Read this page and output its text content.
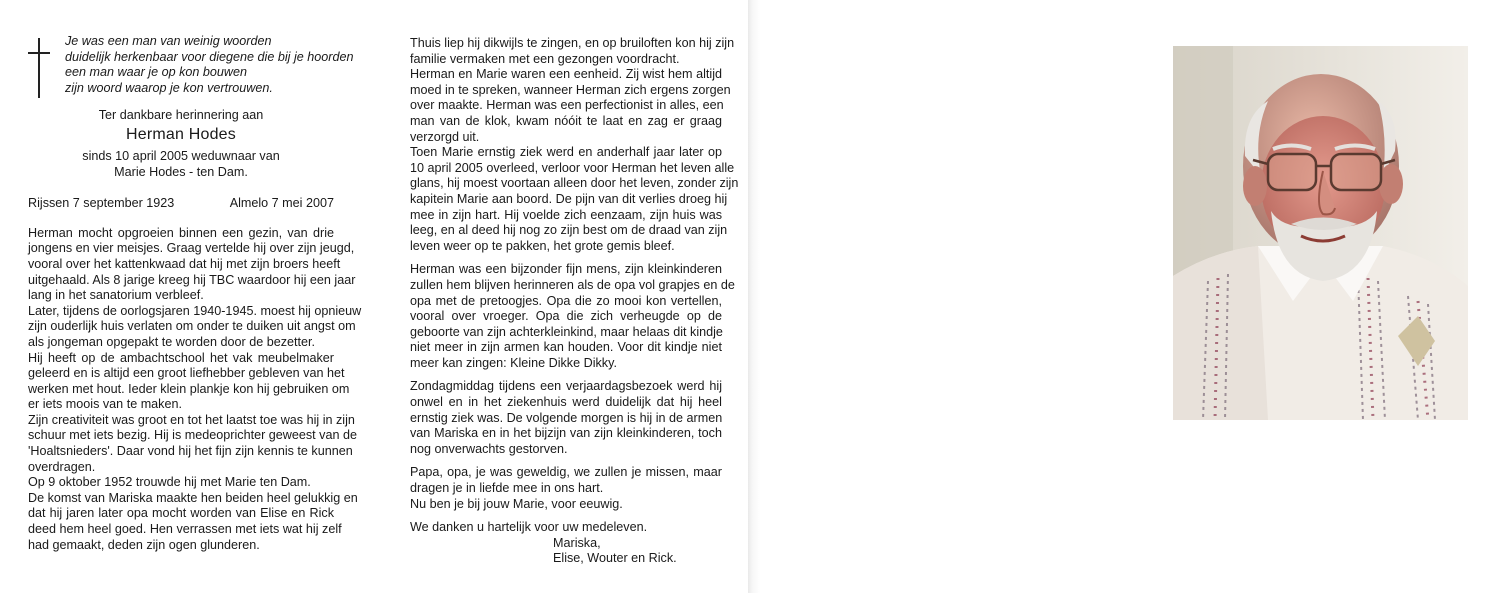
Je was een man van weinig woorden
duidelijk herkenbaar voor diegene die bij je hoorden
een man waar je op kon bouwen
zijn woord waarop je kon vertrouwen.
Ter dankbare herinnering aan
Herman Hodes
sinds 10 april 2005 weduwnaar van
Marie Hodes - ten Dam.
Rijssen 7 september 1923	Almelo 7 mei 2007
Herman mocht opgroeien binnen een gezin, van drie
jongens en vier meisjes. Graag vertelde hij over zijn jeugd,
vooral over het kattenkwaad dat hij met zijn broers heeft
uitgehaald. Als 8 jarige kreeg hij TBC waardoor hij een jaar
lang in het sanatorium verbleef.
Later, tijdens de oorlogsjaren 1940-1945. moest hij opnieuw
zijn ouderlijk huis verlaten om onder te duiken uit angst om
als jongeman opgepakt te worden door de bezetter.
Hij heeft op de ambachtschool het vak meubelmaker
geleerd en is altijd een groot liefhebber gebleven van het
werken met hout. Ieder klein plankje kon hij gebruiken om
er iets moois van te maken.
Zijn creativiteit was groot en tot het laatst toe was hij in zijn
schuur met iets bezig. Hij is medeoprichter geweest van de
'Hoaltsnieders'. Daar vond hij het fijn zijn kennis te kunnen
overdragen.
Op 9 oktober 1952 trouwde hij met Marie ten Dam.
De komst van Mariska maakte hen beiden heel gelukkig en
dat hij jaren later opa mocht worden van Elise en Rick
deed hem heel goed. Hen verrassen met iets wat hij zelf
had gemaakt, deden zijn ogen glunderen.
Thuis liep hij dikwijls te zingen, en op bruiloften kon hij zijn
familie vermaken met een gezongen voordracht.
Herman en Marie waren een eenheid. Zij wist hem altijd
moed in te spreken, wanneer Herman zich ergens zorgen
over maakte. Herman was een perfectionist in alles, een
man van de klok, kwam nóóit te laat en zag er graag
verzorgd uit.
Toen Marie ernstig ziek werd en anderhalf jaar later op
10 april 2005 overleed, verloor voor Herman het leven alle
glans, hij moest voortaan alleen door het leven, zonder zijn
kapitein Marie aan boord. De pijn van dit verlies droeg hij
mee in zijn hart. Hij voelde zich eenzaam, zijn huis was
leeg, en al deed hij nog zo zijn best om de draad van zijn
leven weer op te pakken, het grote gemis bleef.
Herman was een bijzonder fijn mens, zijn kleinkinderen
zullen hem blijven herinneren als de opa vol grapjes en de
opa met de pretoogjes. Opa die zo mooi kon vertellen,
vooral over vroeger. Opa die zich verheugde op de
geboorte van zijn achterkleinkind, maar helaas dit kindje
niet meer in zijn armen kan houden. Voor dit kindje niet
meer kan zingen: Kleine Dikke Dikky.
Zondagmiddag tijdens een verjaardagsbezoek werd hij
onwel en in het ziekenhuis werd duidelijk dat hij heel
ernstig ziek was. De volgende morgen is hij in de armen
van Mariska en in het bijzijn van zijn kleinkinderen, toch
nog onverwachts gestorven.
Papa, opa, je was geweldig, we zullen je missen, maar
dragen je in liefde mee in ons hart.
Nu ben je bij jouw Marie, voor eeuwig.
We danken u hartelijk voor uw medeleven.
Mariska,
Elise, Wouter en Rick.
